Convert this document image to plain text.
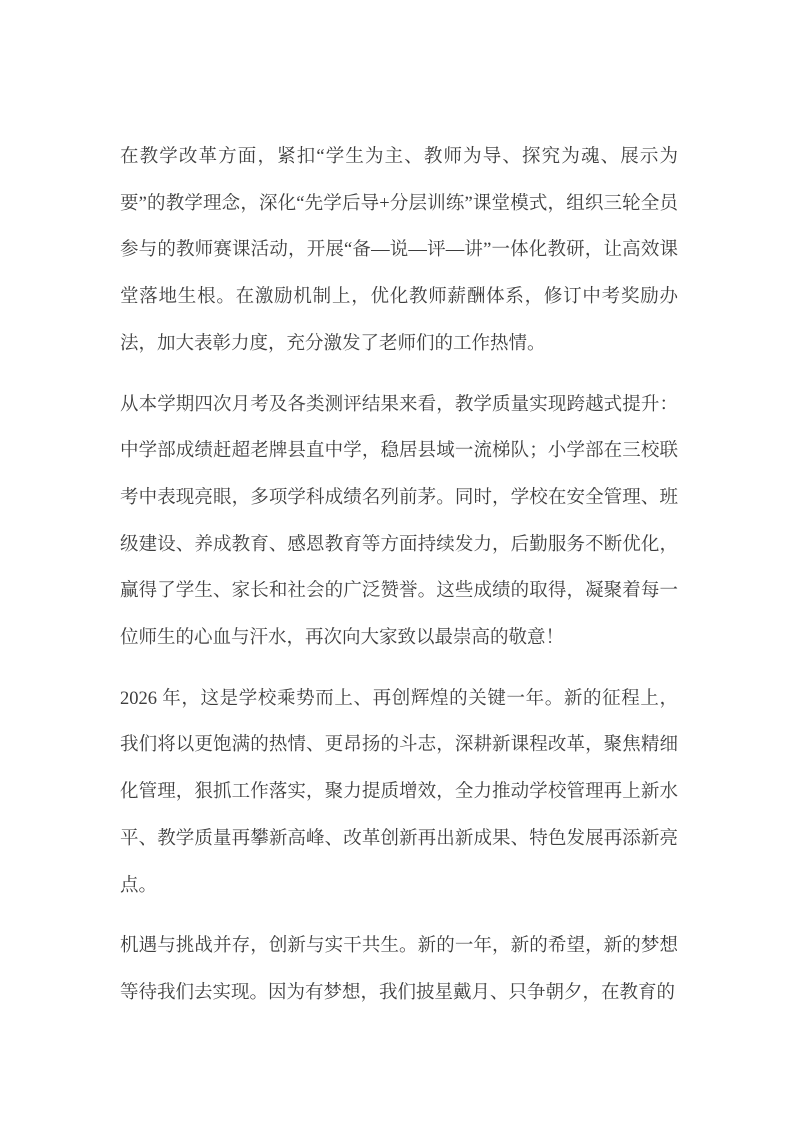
在教学改革方面，紧扣“学生为主、教师为导、探究为魂、展示为要”的教学理念，深化“先学后导+分层训练”课堂模式，组织三轮全员参与的教师赛课活动，开展“备—说—评—讲”一体化教研，让高效课堂落地生根。在激励机制上，优化教师薪酬体系，修订中考奖励办法，加大表彰力度，充分激发了老师们的工作热情。

从本学期四次月考及各类测评结果来看，教学质量实现跨越式提升：中学部成绩赶超老牌县直中学，稳居县域一流梯队；小学部在三校联考中表现亮眼，多项学科成绩名列前茅。同时，学校在安全管理、班级建设、养成教育、感恩教育等方面持续发力，后勤服务不断优化，赢得了学生、家长和社会的广泛赞誉。这些成绩的取得，凝聚着每一位师生的心血与汗水，再次向大家致以最崇高的敬意！

2026 年，这是学校乘势而上、再创辉煌的关键一年。新的征程上，我们将以更饱满的热情、更昂扬的斗志，深耕新课程改革，聚焦精细化管理，狠抓工作落实，聚力提质增效，全力推动学校管理再上新水平、教学质量再攀新高峰、改革创新再出新成果、特色发展再添新亮点。

机遇与挑战并存，创新与实干共生。新的一年，新的希望，新的梦想等待我们去实现。因为有梦想，我们披星戴月、只争朝夕，在教育的
